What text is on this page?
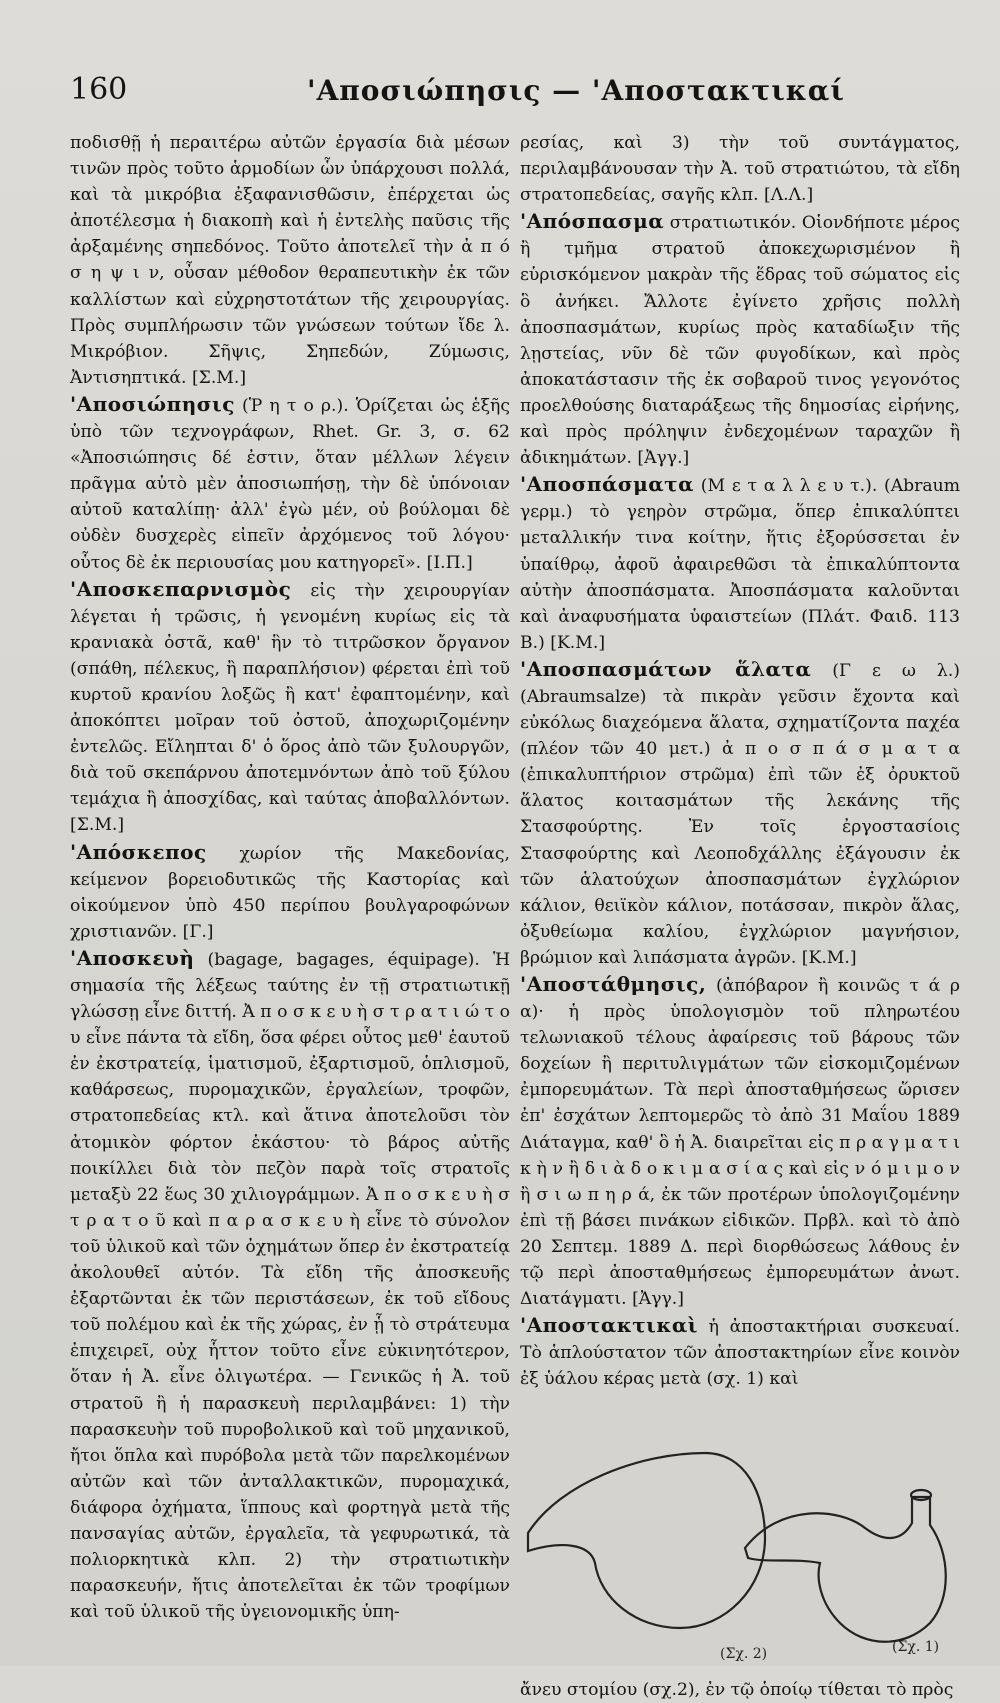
160	'Αποσιώπησις — 'Αποστακτικαί

ποδισθῇ ἡ περαιτέρω αὐτῶν ἐργασία διὰ μέσων τινῶν πρὸς τοῦτο ἁρμοδίων ὧν ὑπάρχουσι πολλά, καὶ τὰ μικρόβια ἐξαφανισθῶσιν, ἐπέρχεται ὡς ἀποτέλεσμα ἡ διακοπὴ καὶ ἡ ἐντελὴς παῦσις τῆς ἀρξαμένης σηπεδόνος. Τοῦτο ἀποτελεῖ τὴν ἀ π ό σ η ψ ι ν, οὖσαν μέθοδον θεραπευτικὴν ἐκ τῶν καλλίστων καὶ εὐχρηστοτάτων τῆς χειρουργίας. Πρὸς συμπλήρωσιν τῶν γνώσεων τούτων ἴδε λ. Μικρόβιον. Σῆψις, Σηπεδών, Ζύμωσις, Ἀντισηπτικά. [Σ.Μ.]

'Αποσιώπησις (Ῥ η τ ο ρ.). Ὁρίζεται ὡς ἑξῆς ὑπὸ τῶν τεχνογράφων, Rhet. Gr. 3, σ. 62 «Ἀποσιώπησις δέ ἐστιν, ὅταν μέλλων λέγειν πρᾶγμα αὐτὸ μὲν ἀποσιωπήσῃ, τὴν δὲ ὑπόνοιαν αὐτοῦ καταλίπῃ· ἀλλ' ἐγὼ μέν, οὐ βούλομαι δὲ οὐδὲν δυσχερὲς εἰπεῖν ἀρχόμενος τοῦ λόγου· οὗτος δὲ ἐκ περιουσίας μου κατηγορεῖ». [Ι.Π.]

'Αποσκεπαρνισμὸς εἰς τὴν χειρουργίαν λέγεται ἡ τρῶσις, ἡ γενομένη κυρίως εἰς τὰ κρανιακὰ ὀστᾶ, καθ' ἣν τὸ τιτρῶσκον ὄργανον (σπάθη, πέλεκυς, ἢ παραπλήσιον) φέρεται ἐπὶ τοῦ κυρτοῦ κρανίου λοξῶς ἢ κατ' ἐφαπτομένην, καὶ ἀποκόπτει μοῖραν τοῦ ὀστοῦ, ἀποχωριζομένην ἐντελῶς. Εἴληπται δ' ὁ ὅρος ἀπὸ τῶν ξυλουργῶν, διὰ τοῦ σκεπάρνου ἀποτεμνόντων ἀπὸ τοῦ ξύλου τεμάχια ἢ ἀποσχίδας, καὶ ταύτας ἀποβαλλόντων. [Σ.Μ.]

'Απόσκεπος χωρίον τῆς Μακεδονίας, κείμενον βορειοδυτικῶς τῆς Καστορίας καὶ οἰκούμενον ὑπὸ 450 περίπου βουλγαροφώνων χριστιανῶν. [Γ.]

'Αποσκευὴ (bagage, bagages, équipage). Ἡ σημασία τῆς λέξεως ταύτης ἐν τῇ στρατιωτικῇ γλώσσῃ εἶνε διττή. Ἀ π ο σ κ ε υ ὴ σ τ ρ α τ ι ώ τ ο υ εἶνε πάντα τὰ εἴδη, ὅσα φέρει οὗτος μεθ' ἑαυτοῦ ἐν ἐκστρατείᾳ, ἱματισμοῦ, ἐξαρτισμοῦ, ὁπλισμοῦ, καθάρσεως, πυρομαχικῶν, ἐργαλείων, τροφῶν, στρατοπεδείας κτλ. καὶ ἅτινα ἀποτελοῦσι τὸν ἀτομικὸν φόρτον ἑκάστου· τὸ βάρος αὐτῆς ποικίλλει διὰ τὸν πεζὸν παρὰ τοῖς στρατοῖς μεταξὺ 22 ἕως 30 χιλιογράμμων. Ἀ π ο σ κ ε υ ὴ σ τ ρ α τ ο ῦ καὶ π α ρ α σ κ ε υ ὴ εἶνε τὸ σύνολον τοῦ ὑλικοῦ καὶ τῶν ὀχημάτων ὅπερ ἐν ἐκστρατείᾳ ἀκολουθεῖ αὐτόν. Τὰ εἴδη τῆς ἀποσκευῆς ἐξαρτῶνται ἐκ τῶν περιστάσεων, ἐκ τοῦ εἴδους τοῦ πολέμου καὶ ἐκ τῆς χώρας, ἐν ᾗ τὸ στράτευμα ἐπιχειρεῖ, οὐχ ἧττον τοῦτο εἶνε εὐκινητότερον, ὅταν ἡ Ἀ. εἶνε ὀλιγωτέρα. — Γενικῶς ἡ Ἀ. τοῦ στρατοῦ ἢ ἡ παρασκευὴ περιλαμβάνει: 1) τὴν παρασκευὴν τοῦ πυροβολικοῦ καὶ τοῦ μηχανικοῦ, ἤτοι ὅπλα καὶ πυρόβολα μετὰ τῶν παρελκομένων αὐτῶν καὶ τῶν ἀνταλλακτικῶν, πυρομαχικά, διάφορα ὀχήματα, ἵππους καὶ φορτηγὰ μετὰ τῆς πανσαγίας αὐτῶν, ἐργαλεῖα, τὰ γεφυρωτικά, τὰ πολιορκητικὰ κλπ. 2) τὴν στρατιωτικὴν παρασκευήν, ἥτις ἀποτελεῖται ἐκ τῶν τροφίμων καὶ τοῦ ὑλικοῦ τῆς ὑγειονομικῆς ὑπη-

ρεσίας, καὶ 3) τὴν τοῦ συντάγματος, περιλαμβάνουσαν τὴν Ἀ. τοῦ στρατιώτου, τὰ εἴδη στρατοπεδείας, σαγῆς κλπ. [Λ.Λ.]

'Απόσπασμα στρατιωτικόν. Οἱονδήποτε μέρος ἢ τμῆμα στρατοῦ ἀποκεχωρισμένον ἢ εὑρισκόμενον μακρὰν τῆς ἕδρας τοῦ σώματος εἰς ὃ ἀνήκει. Ἄλλοτε ἐγίνετο χρῆσις πολλὴ ἀποσπασμάτων, κυρίως πρὸς καταδίωξιν τῆς λῃστείας, νῦν δὲ τῶν φυγοδίκων, καὶ πρὸς ἀποκατάστασιν τῆς ἐκ σοβαροῦ τινος γεγονότος προελθούσης διαταράξεως τῆς δημοσίας εἰρήνης, καὶ πρὸς πρόληψιν ἐνδεχομένων ταραχῶν ἢ ἀδικημάτων. [Ἀγγ.]

'Αποσπάσματα (Μ ε τ α λ λ ε υ τ.). (Abraum γερμ.) τὸ γεηρὸν στρῶμα, ὅπερ ἐπικαλύπτει μεταλλικήν τινα κοίτην, ἥτις ἐξορύσσεται ἐν ὑπαίθρῳ, ἀφοῦ ἀφαιρεθῶσι τὰ ἐπικαλύπτοντα αὐτὴν ἀποσπάσματα. Ἀποσπάσματα καλοῦνται καὶ ἀναφυσήματα ὑφαιστείων (Πλάτ. Φαιδ. 113 Β.) [Κ.Μ.]

'Αποσπασμάτων ἅλατα (Γ ε ω λ.) (Abraumsalze) τὰ πικρὰν γεῦσιν ἔχοντα καὶ εὐκόλως διαχεόμενα ἅλατα, σχηματίζοντα παχέα (πλέον τῶν 40 μετ.) ἀ π ο σ π ά σ μ α τ α (ἐπικαλυπτήριον στρῶμα) ἐπὶ τῶν ἐξ ὀρυκτοῦ ἅλατος κοιτασμάτων τῆς λεκάνης τῆς Στασφούρτης. Ἐν τοῖς ἐργοστασίοις Στασφούρτης καὶ Λεοποδχάλλης ἐξάγουσιν ἐκ τῶν ἁλατούχων ἀποσπασμάτων ἐγχλώριον κάλιον, θειϊκὸν κάλιον, ποτάσσαν, πικρὸν ἅλας, ὀξυθείωμα καλίου, ἐγχλώριον μαγνήσιον, βρώμιον καὶ λιπάσματα ἀγρῶν. [Κ.Μ.]

'Αποστάθμησις, (ἀπόβαρον ἢ κοινῶς τ ά ρ α)· ἡ πρὸς ὑπολογισμὸν τοῦ πληρωτέου τελωνιακοῦ τέλους ἀφαίρεσις τοῦ βάρους τῶν δοχείων ἢ περιτυλιγμάτων τῶν εἰσκομιζομένων ἐμπορευμάτων. Τὰ περὶ ἀποσταθμήσεως ὥρισεν ἐπ' ἐσχάτων λεπτομερῶς τὸ ἀπὸ 31 Μαΐου 1889 Διάταγμα, καθ' ὃ ἡ Ἀ. διαιρεῖται εἰς π ρ α γ μ α τ ι κ ὴ ν ἢ δ ι ὰ δ ο κ ι μ α σ ί α ς καὶ εἰς ν ό μ ι μ ο ν ἢ σ ι ω π η ρ ά, ἐκ τῶν προτέρων ὑπολογιζομένην ἐπὶ τῇ βάσει πινάκων εἰδικῶν. Πρβλ. καὶ τὸ ἀπὸ 20 Σεπτεμ. 1889 Δ. περὶ διορθώσεως λάθους ἐν τῷ περὶ ἀποσταθμήσεως ἐμπορευμάτων ἀνωτ. Διατάγματι. [Ἀγγ.]

'Αποστακτικαὶ ἡ ἀποστακτήριαι συσκευαί. Τὸ ἁπλούστατον τῶν ἀποστακτηρίων εἶνε κοινὸν ἐξ ὑάλου κέρας μετὰ (σχ. 1) καὶ

(Σχ. 2)	(Σχ. 1)

ἄνευ στομίου (σχ.2), ἐν τῷ ὁποίῳ τίθεται τὸ πρὸς
